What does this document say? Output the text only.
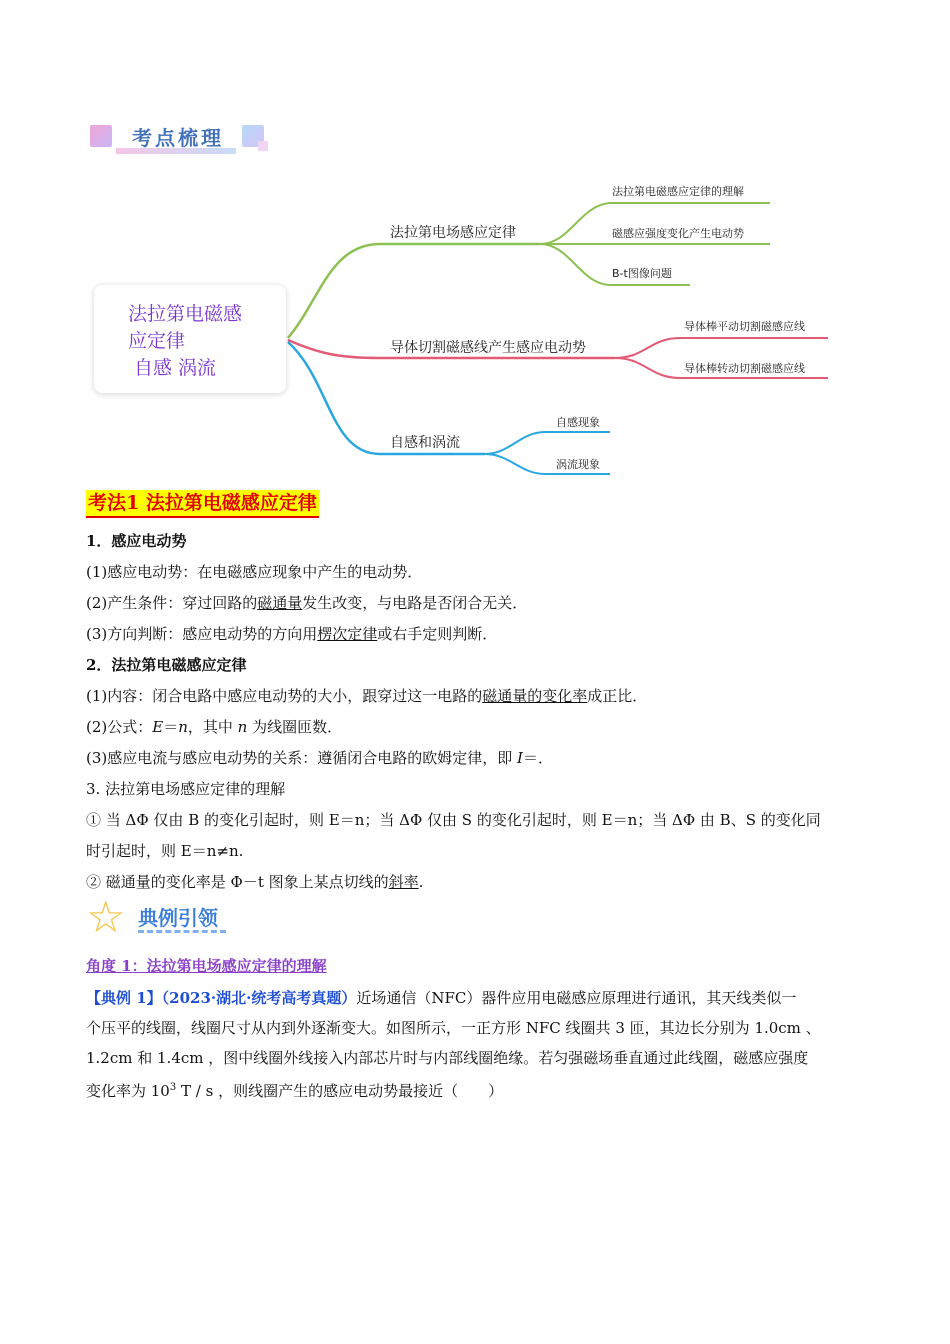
考点梳理
法拉第电磁感
应定律
自感 涡流
法拉第电场感应定律
法拉第电磁感应定律的理解
磁感应强度变化产生电动势
B-t图像问题
导体切割磁感线产生感应电动势
导体棒平动切割磁感应线
导体棒转动切割磁感应线
自感和涡流
自感现象
涡流现象
考法1 法拉第电磁感应定律
1．感应电动势
(1)感应电动势：在电磁感应现象中产生的电动势．
(2)产生条件：穿过回路的磁通量发生改变，与电路是否闭合无关．
(3)方向判断：感应电动势的方向用楞次定律或右手定则判断．
2．法拉第电磁感应定律
(1)内容：闭合电路中感应电动势的大小，跟穿过这一电路的磁通量的变化率成正比．
(2)公式：E＝n，其中 n 为线圈匝数．
(3)感应电流与感应电动势的关系：遵循闭合电路的欧姆定律，即 I＝．
3. 法拉第电场感应定律的理解
① 当 ΔΦ 仅由 B 的变化引起时，则 E＝n；当 ΔΦ 仅由 S 的变化引起时，则 E＝n；当 ΔΦ 由 B、S 的变化同
时引起时，则 E＝n≠n.
② 磁通量的变化率是 Φ－t 图象上某点切线的斜率.
☆ 典例引领
角度 1：法拉第电场感应定律的理解
【典例 1】（2023·湖北·统考高考真题）近场通信（NFC）器件应用电磁感应原理进行通讯，其天线类似一
个压平的线圈，线圈尺寸从内到外逐渐变大。如图所示，一正方形 NFC 线圈共 3 匝，其边长分别为 1.0cm 、
1.2cm 和 1.4cm ，图中线圈外线接入内部芯片时与内部线圈绝缘。若匀强磁场垂直通过此线圈，磁感应强度
变化率为 $10^3$ T / s ，则线圈产生的感应电动势最接近（　　）
